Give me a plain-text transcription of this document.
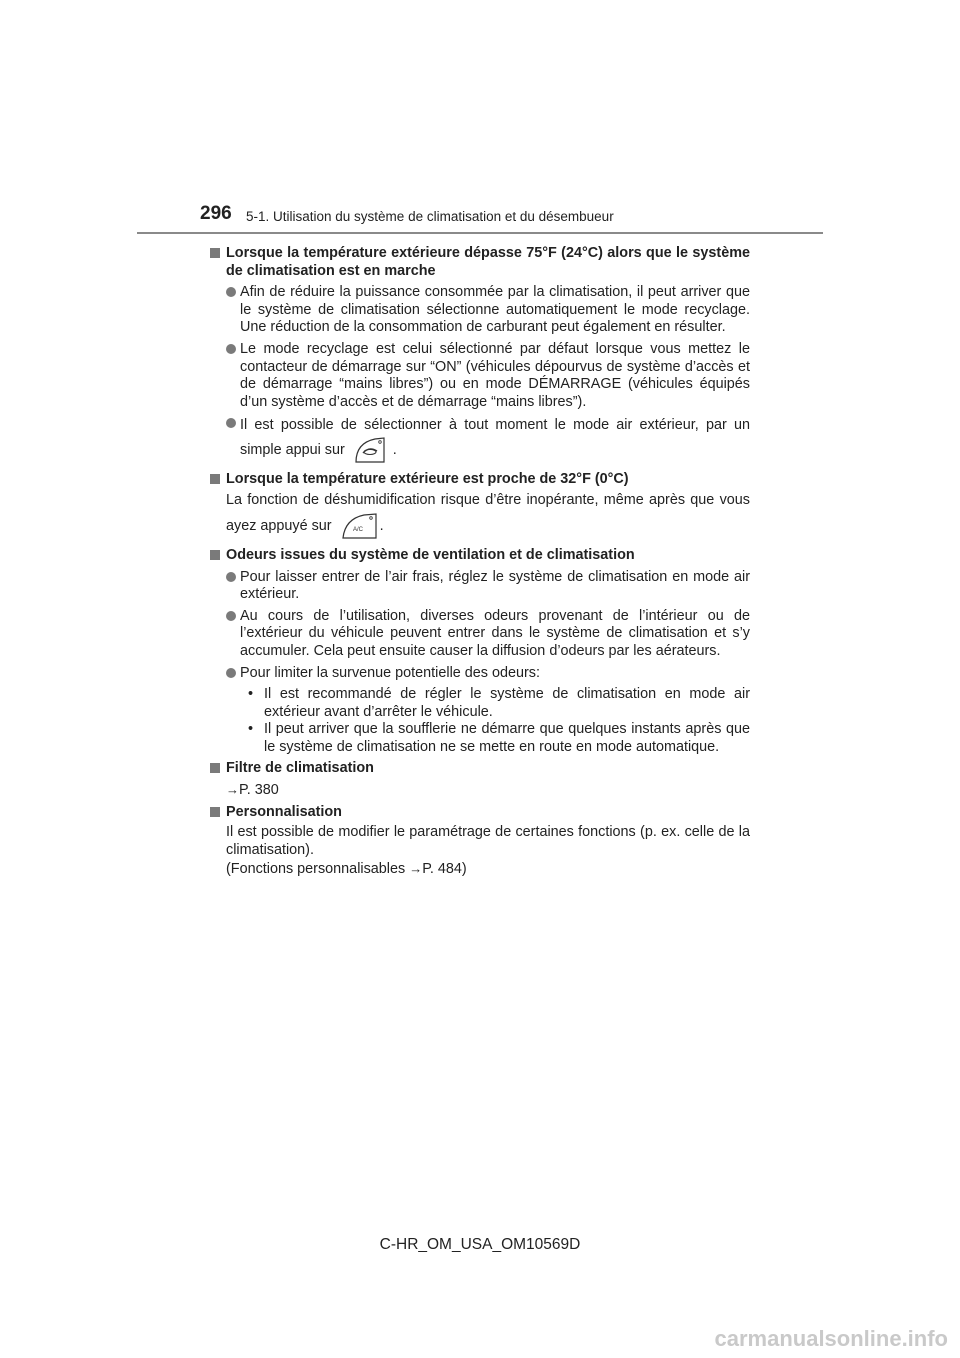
296 5-1. Utilisation du système de climatisation et du désembueur
Lorsque la température extérieure dépasse 75°F (24°C) alors que le système de climatisation est en marche
Afin de réduire la puissance consommée par la climatisation, il peut arriver que le système de climatisation sélectionne automatiquement le mode recyclage. Une réduction de la consommation de carburant peut également en résulter.
Le mode recyclage est celui sélectionné par défaut lorsque vous mettez le contacteur de démarrage sur “ON” (véhicules dépourvus de système d’accès et de démarrage “mains libres”) ou en mode DÉMARRAGE (véhicules équipés d’un système d’accès et de démarrage “mains libres”).
Il est possible de sélectionner à tout moment le mode air extérieur, par un simple appui sur	.
Lorsque la température extérieure est proche de 32°F (0°C)
La fonction de déshumidification risque d’être inopérante, même après que vous ayez appuyé sur	A/C .
Odeurs issues du système de ventilation et de climatisation
Pour laisser entrer de l’air frais, réglez le système de climatisation en mode air extérieur.
Au cours de l’utilisation, diverses odeurs provenant de l’intérieur ou de l’extérieur du véhicule peuvent entrer dans le système de climatisation et s’y accumuler. Cela peut ensuite causer la diffusion d’odeurs par les aérateurs.
Pour limiter la survenue potentielle des odeurs:
• Il est recommandé de régler le système de climatisation en mode air extérieur avant d’arrêter le véhicule.
• Il peut arriver que la soufflerie ne démarre que quelques instants après que le système de climatisation ne se mette en route en mode automatique.
Filtre de climatisation
→P. 380
Personnalisation
Il est possible de modifier le paramétrage de certaines fonctions (p. ex. celle de la climatisation).
(Fonctions personnalisables →P. 484)
C-HR_OM_USA_OM10569D
carmanualsonline.info
